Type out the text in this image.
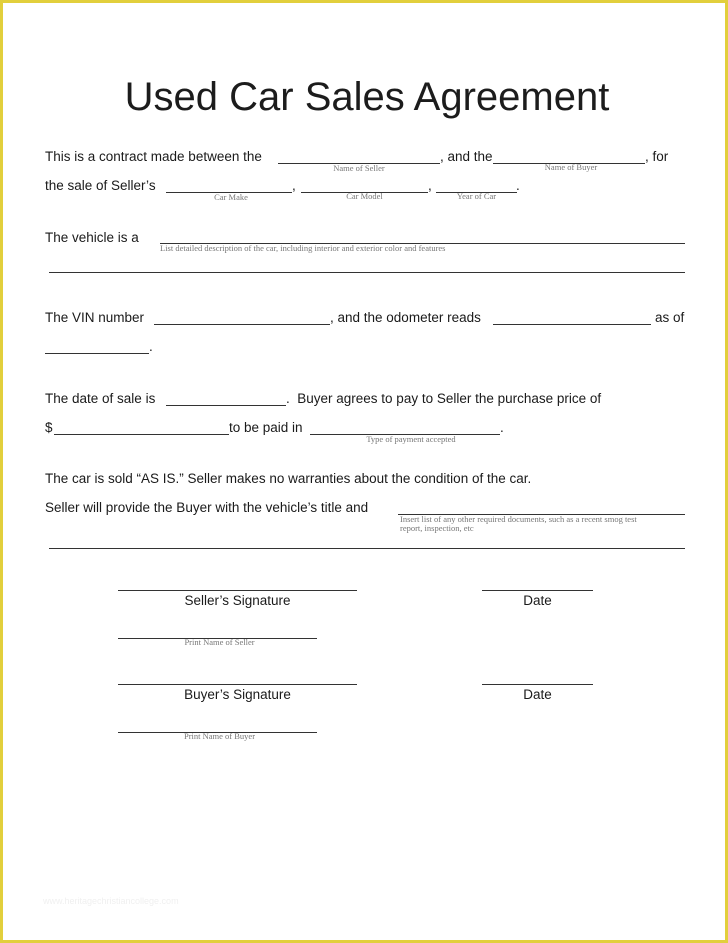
Used Car Sales Agreement
This is a contract made between the
Name of Seller
, and the
Name of Buyer
, for
the sale of Seller’s
Car Make
,
Car Model
,
Year of Car
.
The vehicle is a
List detailed description of the car, including interior and exterior color and features
The VIN number	, and the odometer reads	as of
.
The date of sale is	.  Buyer agrees to pay to Seller the purchase price of
$	to be paid in
Type of payment accepted
.
The car is sold “AS IS.” Seller makes no warranties about the condition of the car.
Seller will provide the Buyer with the vehicle’s title and
Insert list of any other required documents, such as a recent smog test
report, inspection, etc
Seller’s Signature	Date
Print Name of Seller
Buyer’s Signature	Date
Print Name of Buyer
www.heritagechristiancollege.com
